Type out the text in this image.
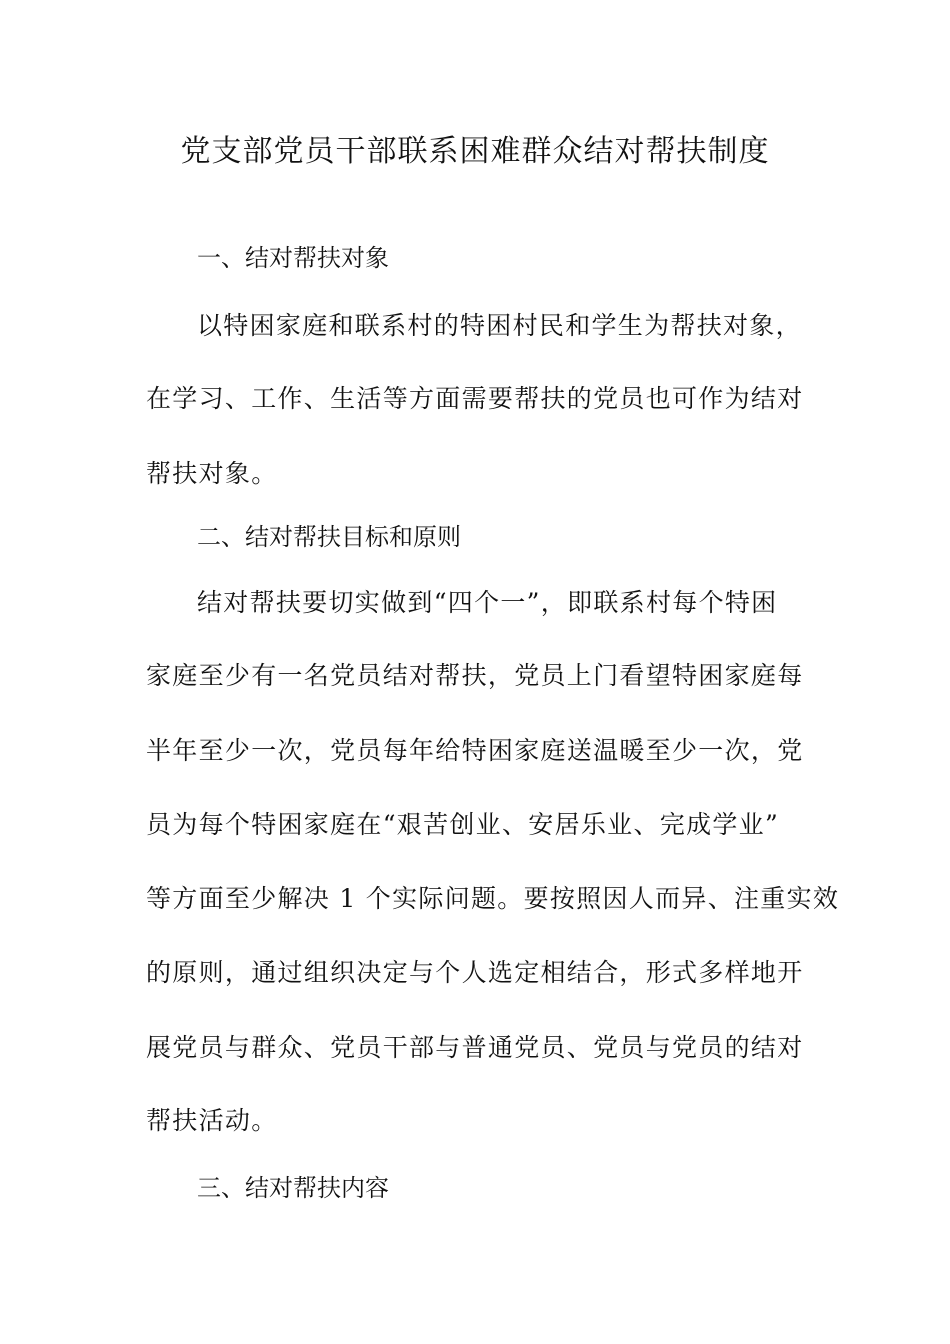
党支部党员干部联系困难群众结对帮扶制度
一、结对帮扶对象

以特困家庭和联系村的特困村民和学生为帮扶对象，

在学习、工作、生活等方面需要帮扶的党员也可作为结对

帮扶对象。

二、结对帮扶目标和原则

结对帮扶要切实做到“四个一”，即联系村每个特困

家庭至少有一名党员结对帮扶，党员上门看望特困家庭每

半年至少一次，党员每年给特困家庭送温暖至少一次，党

员为每个特困家庭在“艰苦创业、安居乐业、完成学业”

等方面至少解决 1 个实际问题。要按照因人而异、注重实效

的原则，通过组织决定与个人选定相结合，形式多样地开

展党员与群众、党员干部与普通党员、党员与党员的结对

帮扶活动。

三、结对帮扶内容
